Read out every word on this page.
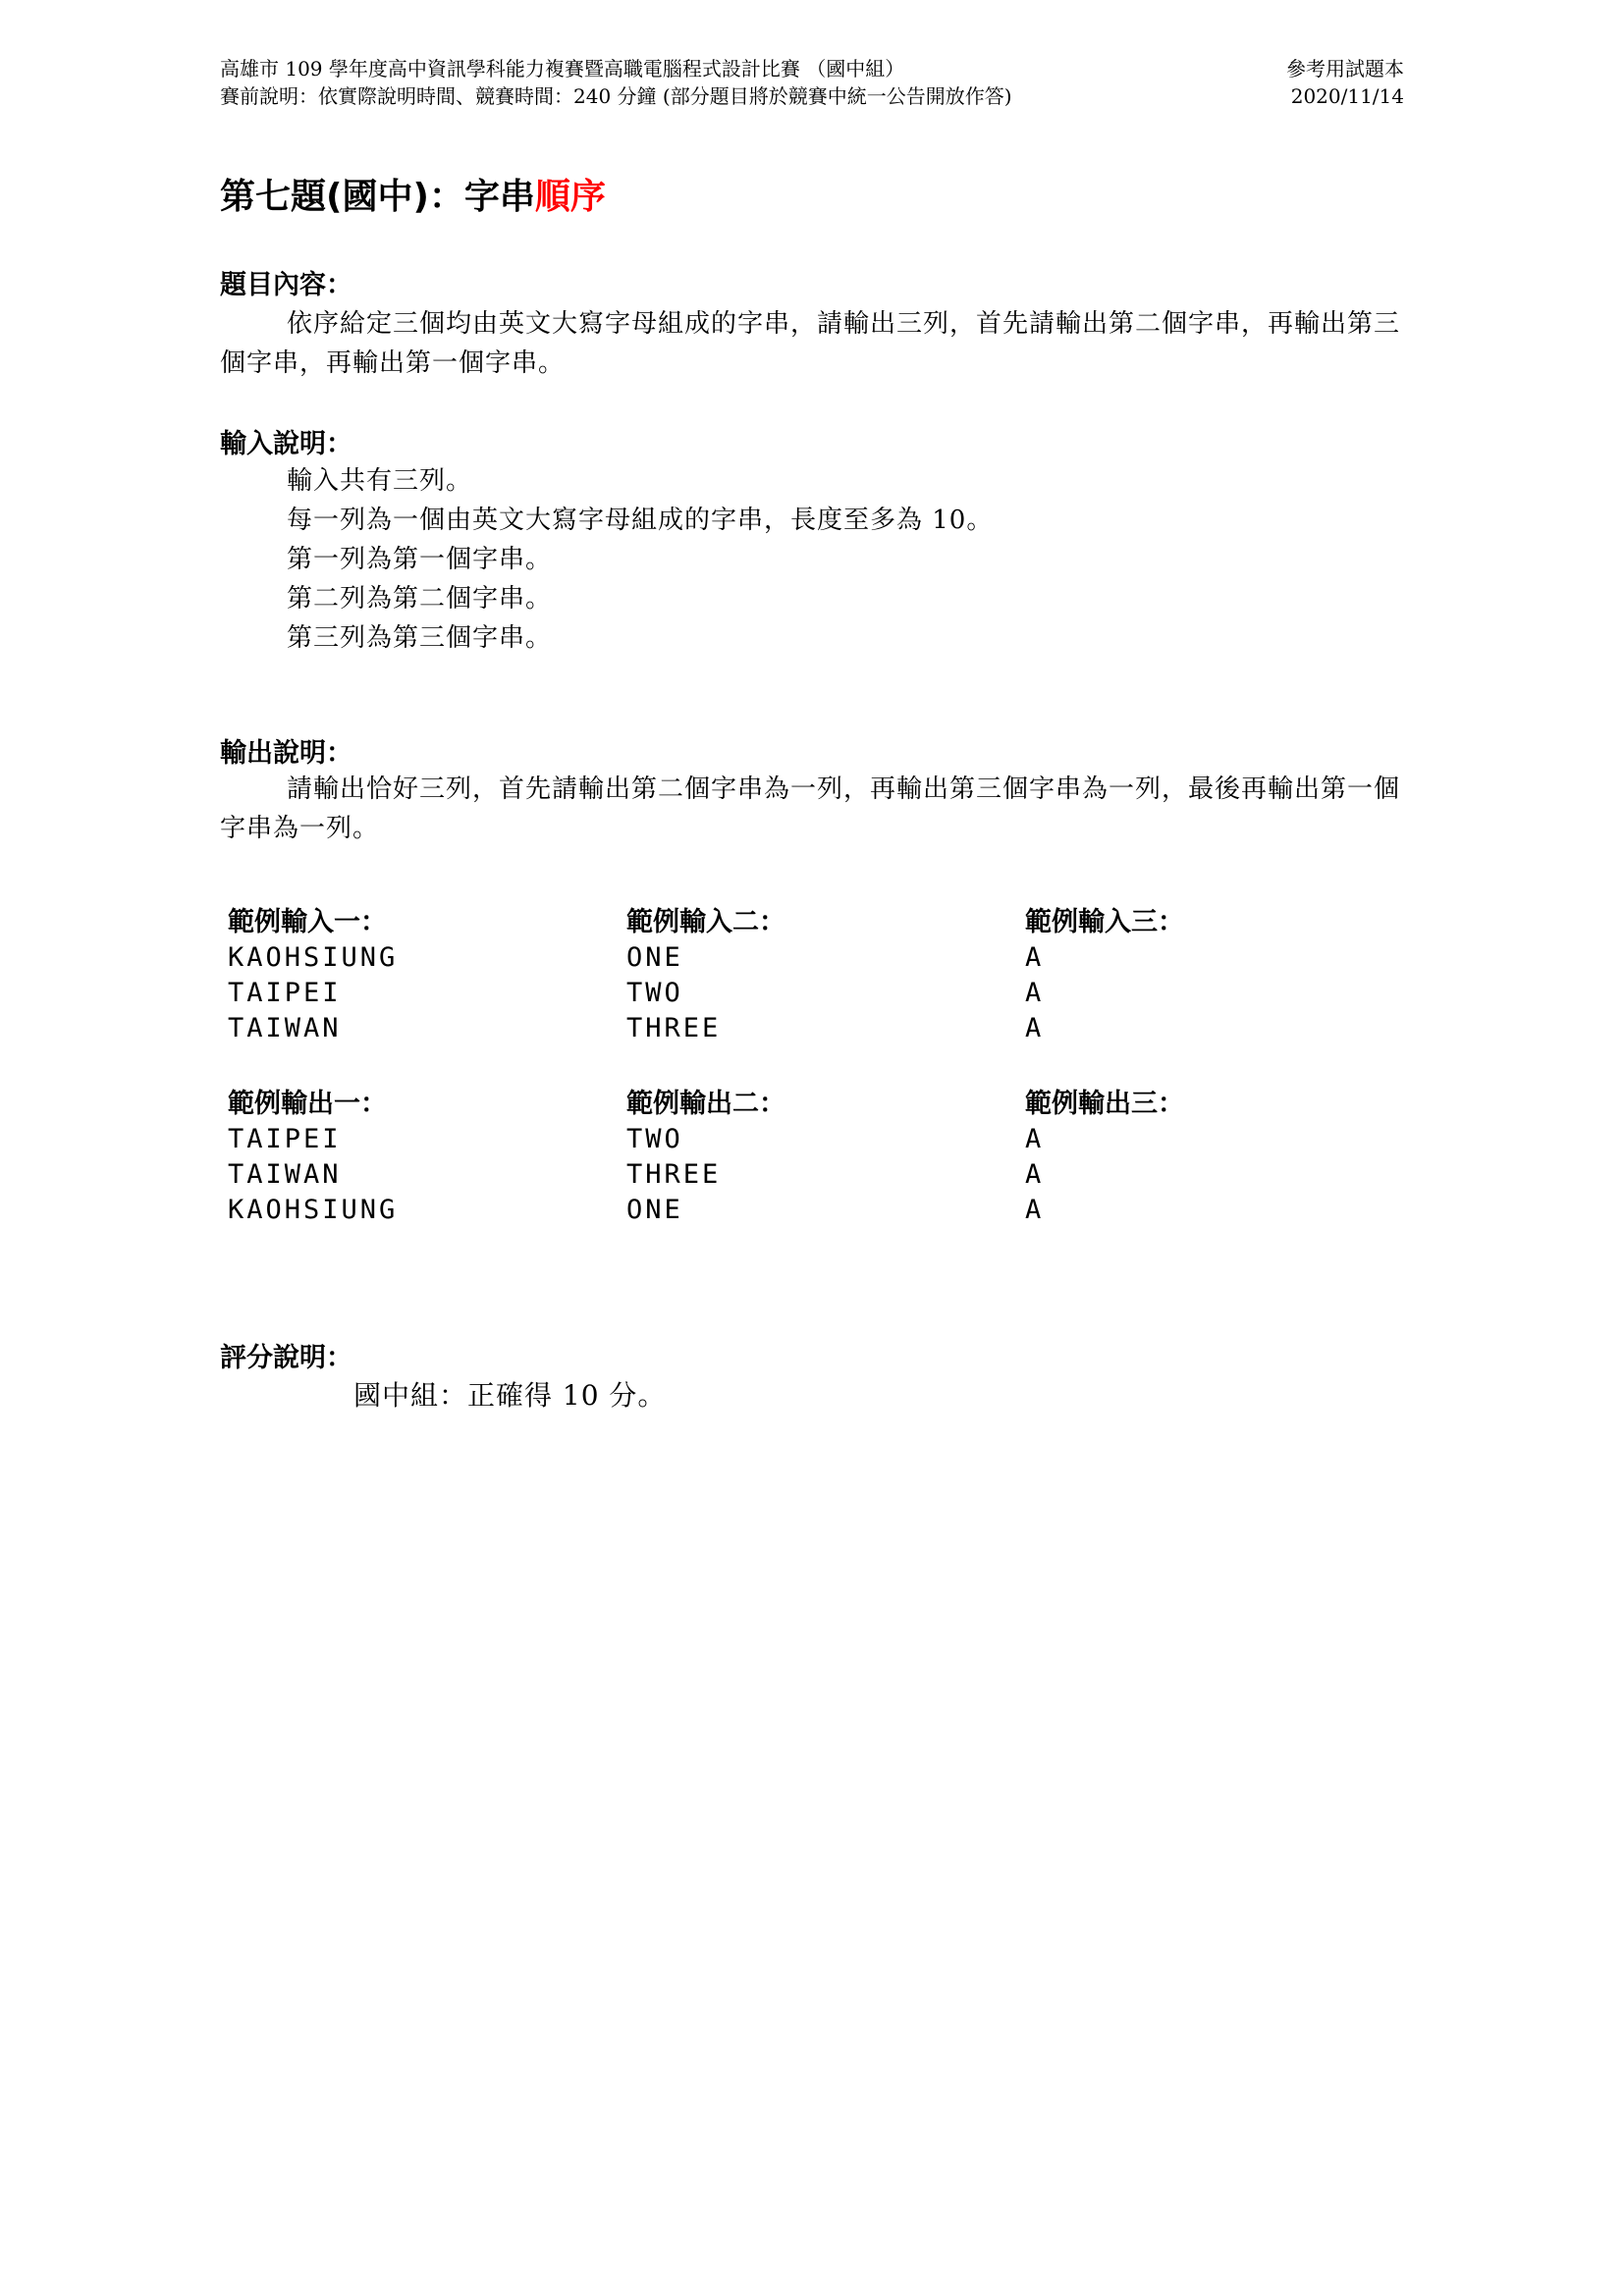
高雄市 109 學年度高中資訊學科能力複賽暨高職電腦程式設計比賽 （國中組）
賽前說明：依實際說明時間、競賽時間：240 分鐘 (部分題目將於競賽中統一公告開放作答)
參考用試題本
2020/11/14
第七題(國中)：字串順序
題目內容：

依序給定三個均由英文大寫字母組成的字串，請輸出三列，首先請輸出第二個字串，再輸出第三個字串，再輸出第一個字串。

輸入說明：
輸入共有三列。
每一列為一個由英文大寫字母組成的字串，長度至多為 10。
第一列為第一個字串。
第二列為第二個字串。
第三列為第三個字串。
輸出說明：

請輸出恰好三列，首先請輸出第二個字串為一列，再輸出第三個字串為一列，最後再輸出第一個字串為一列。

範例輸入一：
KAOHSIUNG
TAIPEI
TAIWAN
範例輸入二：
ONE
TWO
THREE
範例輸入三：
A
A
A
範例輸出一：
TAIPEI
TAIWAN
KAOHSIUNG
範例輸出二：
TWO
THREE
ONE
範例輸出三：
A
A
A
評分說明：
國中組：正確得 10 分。
